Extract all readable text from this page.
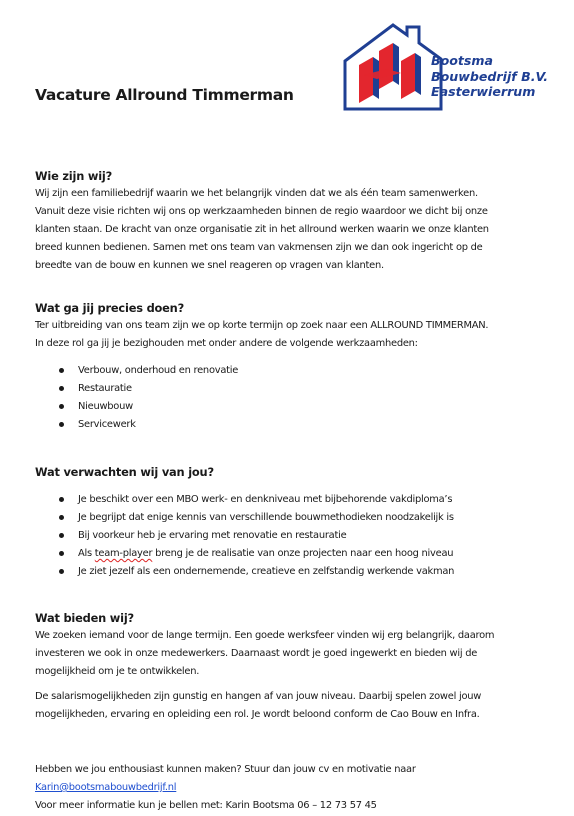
Bootsma
Bouwbedrijf B.V.
Easterwierrum
Vacature Allround Timmerman
Wie zijn wij?
Wij zijn een familiebedrijf waarin we het belangrijk vinden dat we als één team samenwerken.
Vanuit deze visie richten wij ons op werkzaamheden binnen de regio waardoor we dicht bij onze
klanten staan. De kracht van onze organisatie zit in het allround werken waarin we onze klanten
breed kunnen bedienen. Samen met ons team van vakmensen zijn we dan ook ingericht op de
breedte van de bouw en kunnen we snel reageren op vragen van klanten.
Wat ga jij precies doen?
Ter uitbreiding van ons team zijn we op korte termijn op zoek naar een ALLROUND TIMMERMAN.
In deze rol ga jij je bezighouden met onder andere de volgende werkzaamheden:
Verbouw, onderhoud en renovatie
Restauratie
Nieuwbouw
Servicewerk
Wat verwachten wij van jou?
Je beschikt over een MBO werk- en denkniveau met bijbehorende vakdiploma’s
Je begrijpt dat enige kennis van verschillende bouwmethodieken noodzakelijk is
Bij voorkeur heb je ervaring met renovatie en restauratie
Als team-player breng je de realisatie van onze projecten naar een hoog niveau
Je ziet jezelf als een ondernemende, creatieve en zelfstandig werkende vakman
Wat bieden wij?
We zoeken iemand voor de lange termijn. Een goede werksfeer vinden wij erg belangrijk, daarom
investeren we ook in onze medewerkers. Daarnaast wordt je goed ingewerkt en bieden wij de
mogelijkheid om je te ontwikkelen.
De salarismogelijkheden zijn gunstig en hangen af van jouw niveau. Daarbij spelen zowel jouw
mogelijkheden, ervaring en opleiding een rol. Je wordt beloond conform de Cao Bouw en Infra.
Hebben we jou enthousiast kunnen maken? Stuur dan jouw cv en motivatie naar
Karin@bootsmabouwbedrijf.nl
Voor meer informatie kun je bellen met: Karin Bootsma 06 – 12 73 57 45
